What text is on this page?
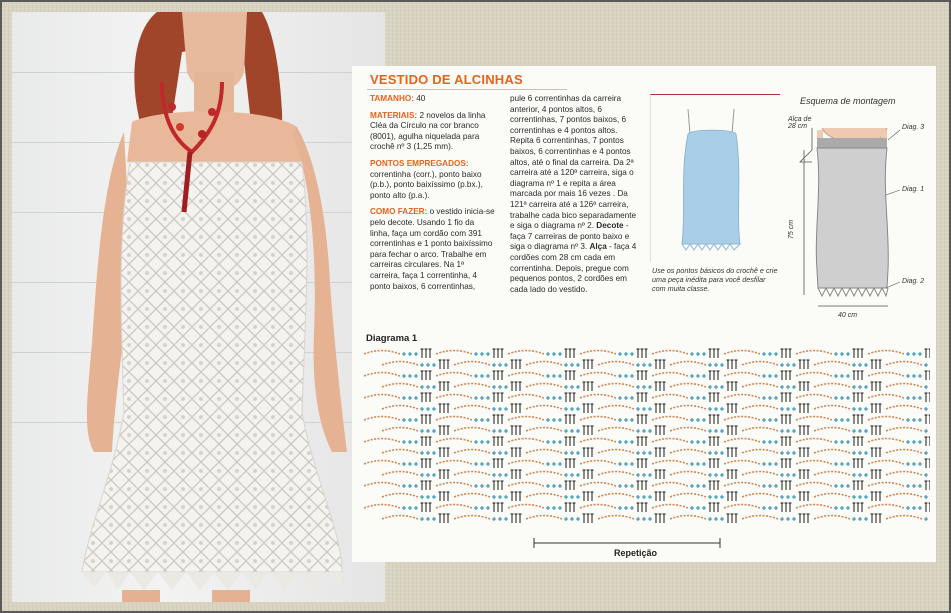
VESTIDO DE ALCINHAS

TAMANHO: 40

MATERIAIS: 2 novelos da linha Cléa da Círculo na cor branco (8001), agulha niquelada para crochê nº 3 (1,25 mm).

PONTOS EMPREGADOS:
correntinha (corr.), ponto baixo (p.b.), ponto baixíssimo (p.bx.), ponto alto (p.a.).

COMO FAZER: o vestido inicia-se pelo decote. Usando 1 fio da linha, faça um cordão com 391 correntinhas e 1 ponto baixíssimo para fechar o arco. Trabalhe em carreiras circulares. Na 1ª carreira, faça 1 correntinha, 4 ponto baixos, 6 correntinhas,

pule 6 correntinhas da carreira anterior, 4 pontos altos, 6 correntinhas, 7 pontos baixos, 6 correntinhas e 4 pontos altos. Repita 6 correntinhas, 7 pontos baixos, 6 correntinhas e 4 pontos altos, até o final da carreira. Da 2ª carreira até a 120ª carreira, siga o diagrama nº 1 e repita a área marcada por mais 16 vezes . Da 121ª carreira até a 126ª carreira, trabalhe cada bico separadamente e siga o diagrama nº 2. Decote - faça 7 carreiras de ponto baixo e siga o diagrama nº 3. Alça - faça 4 cordões com 28 cm cada em correntinha. Depois, pregue com pequenos pontos, 2 cordões em cada lado do vestido.
Use os pontos básicos do crochê e crie uma peça inédita para você desfilar com muita classe.
Esquema de montagem
Alça de 28 cm	Diag. 3
Diag. 1
Diag. 2
75 cm
40 cm
Diagrama 1
Repetição
